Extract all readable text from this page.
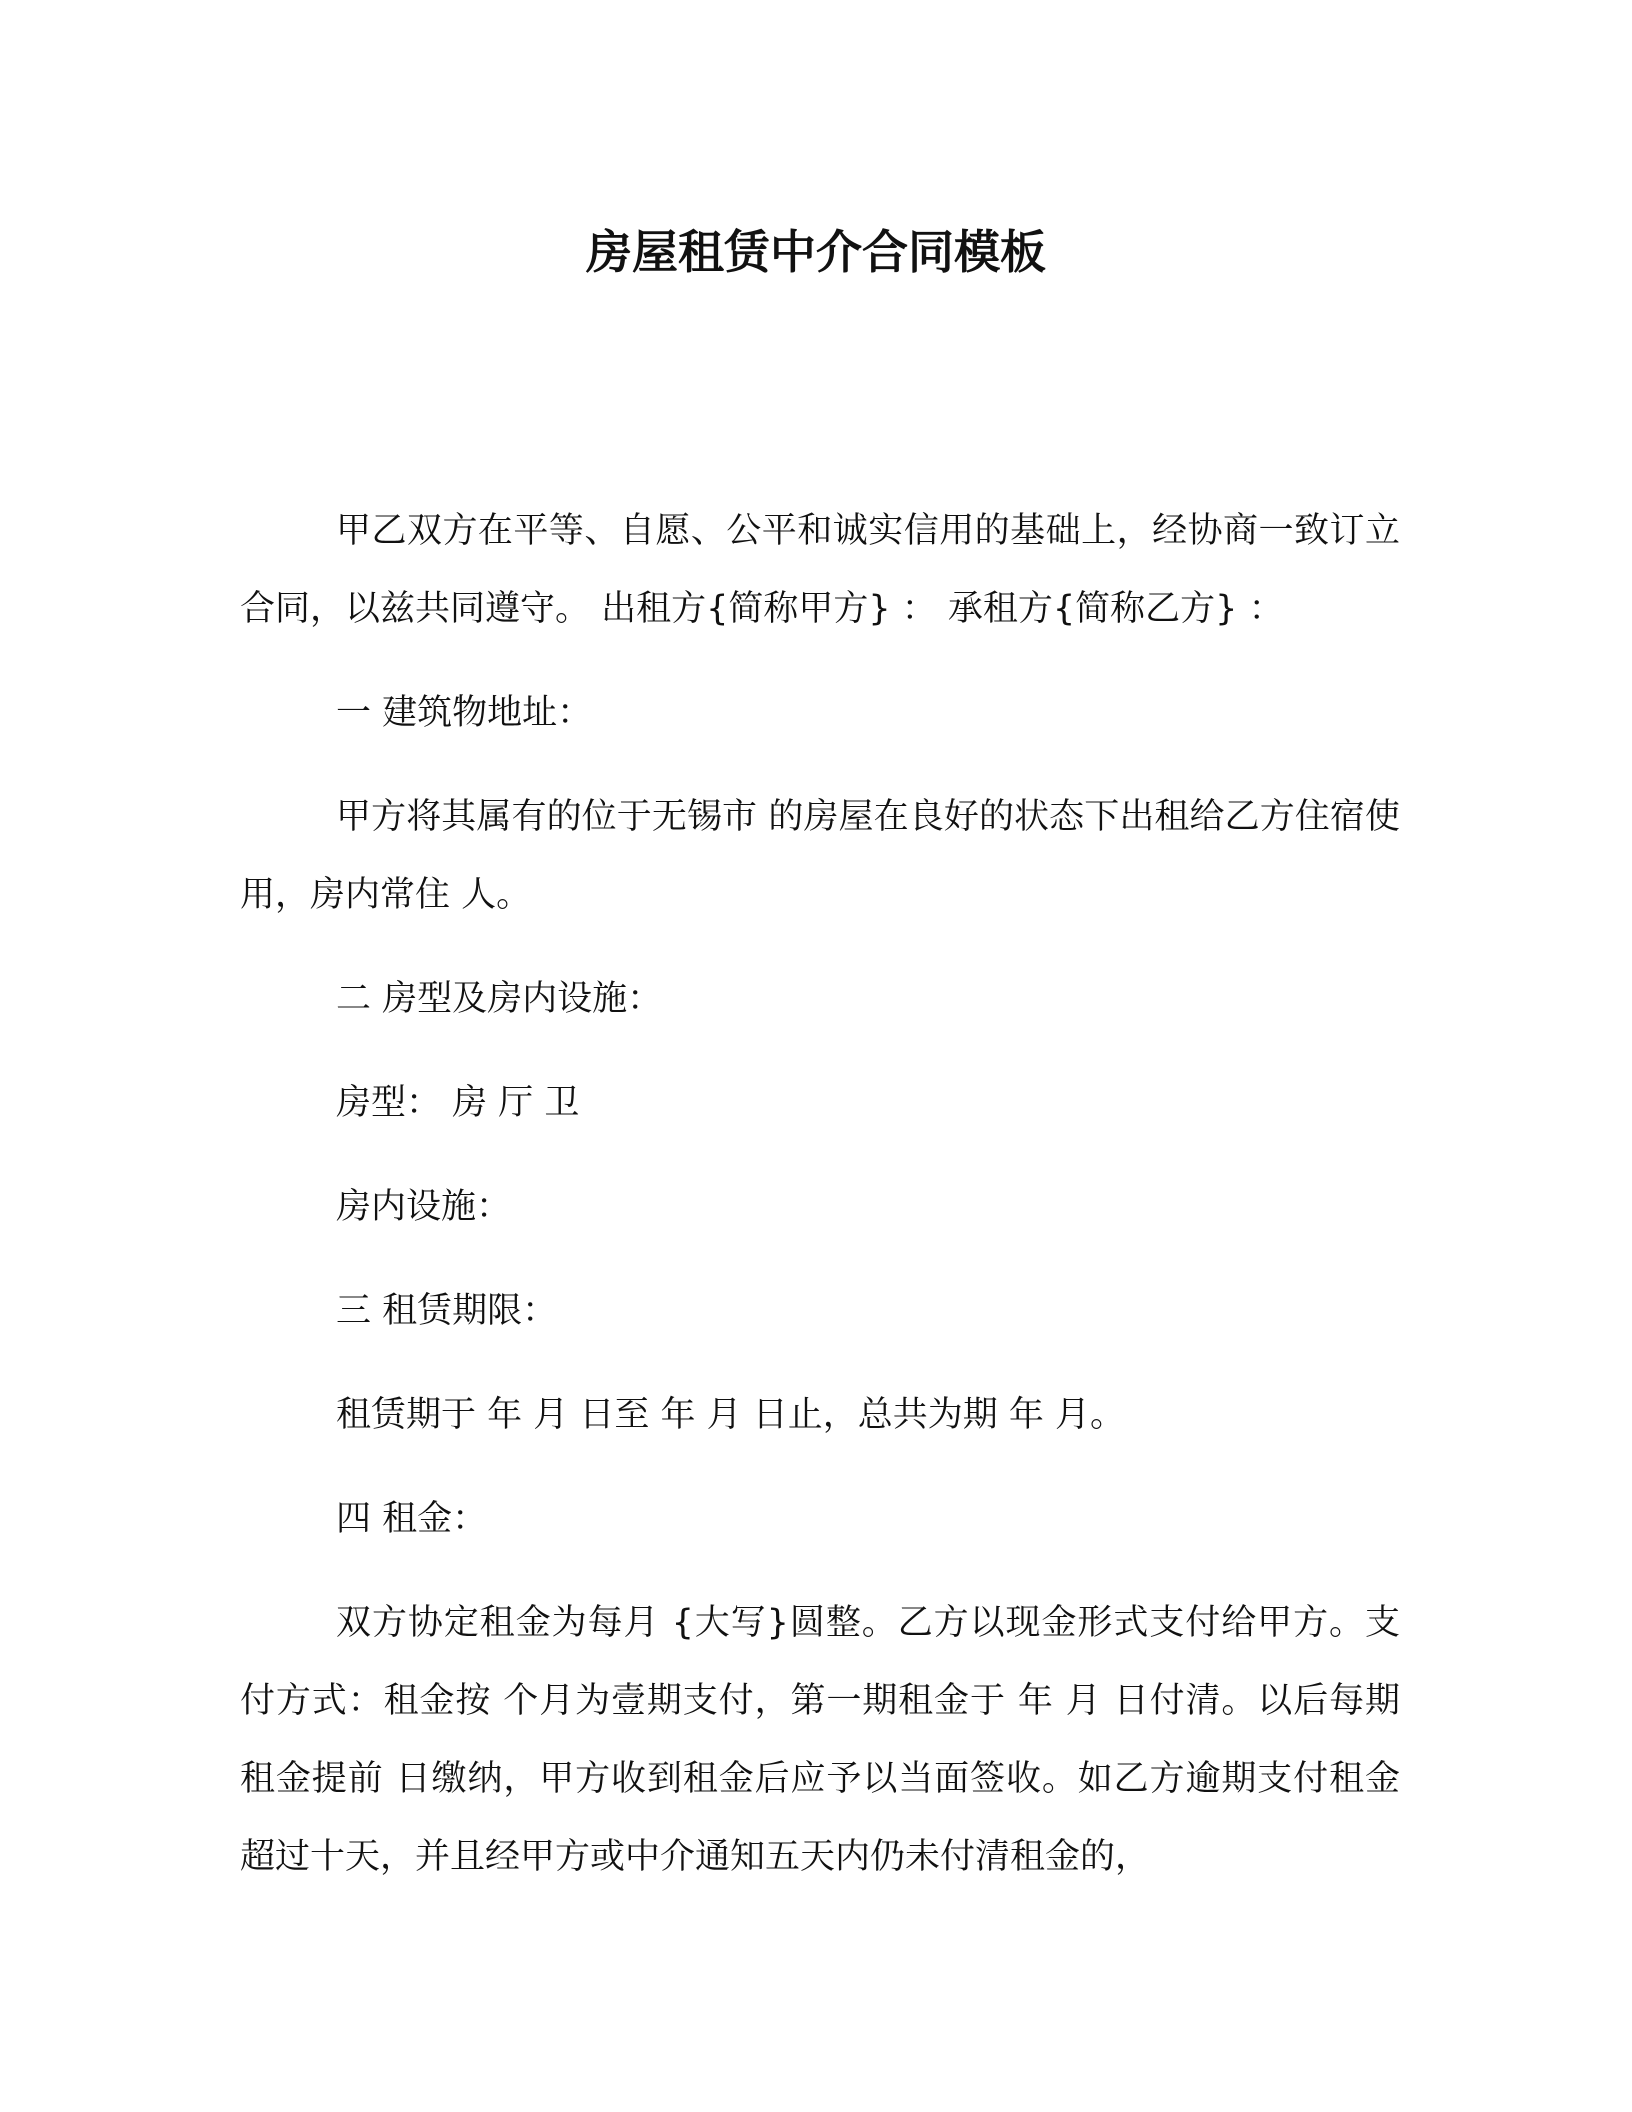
房屋租赁中介合同模板

甲乙双方在平等、自愿、公平和诚实信用的基础上，经协商一致订立合同，以兹共同遵守。 出租方{简称甲方} ： 承租方{简称乙方} ：

一 建筑物地址：

甲方将其属有的位于无锡市 的房屋在良好的状态下出租给乙方住宿使用，房内常住 人。

二 房型及房内设施：

房型： 房 厅 卫

房内设施：

三 租赁期限：

租赁期于 年 月 日至 年 月 日止，总共为期 年 月。

四 租金：

双方协定租金为每月 {大写}圆整。乙方以现金形式支付给甲方。支付方式：租金按 个月为壹期支付，第一期租金于 年 月 日付清。以后每期租金提前 日缴纳，甲方收到租金后应予以当面签收。如乙方逾期支付租金超过十天，并且经甲方或中介通知五天内仍未付清租金的，
